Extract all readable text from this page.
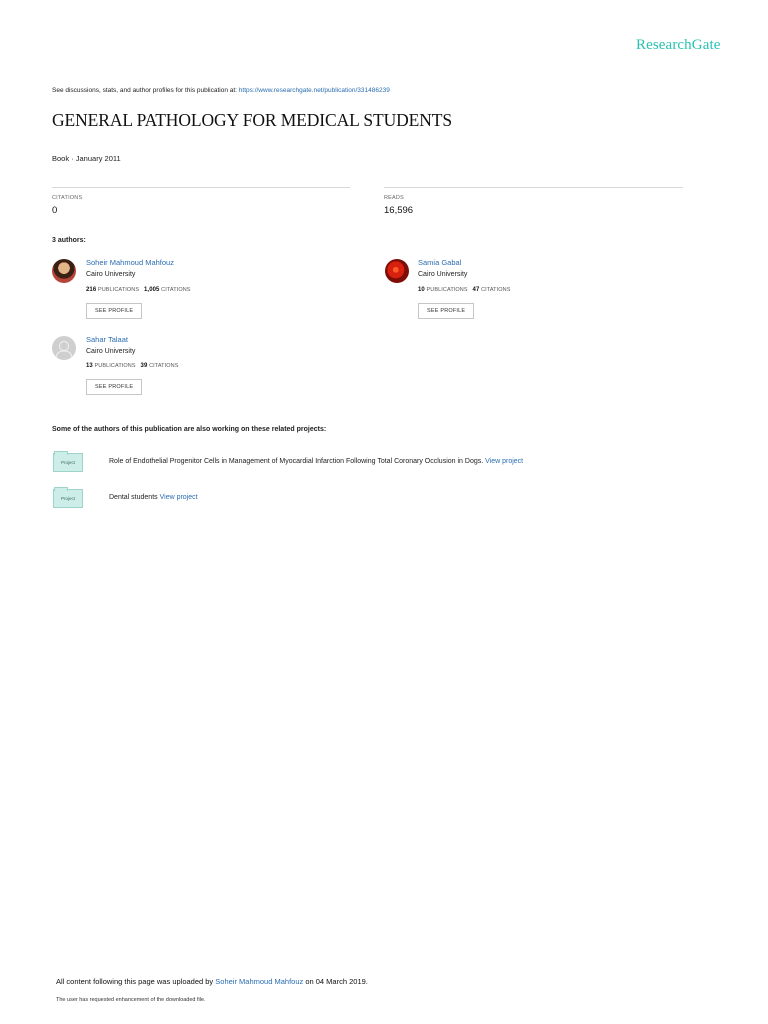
ResearchGate
See discussions, stats, and author profiles for this publication at: https://www.researchgate.net/publication/331486239
GENERAL PATHOLOGY FOR MEDICAL STUDENTS
Book · January 2011
CITATIONS
0
READS
16,596
3 authors:
Soheir Mahmoud Mahfouz
Cairo University
216 PUBLICATIONS 1,005 CITATIONS
SEE PROFILE
Samia Gabal
Cairo University
10 PUBLICATIONS 47 CITATIONS
SEE PROFILE
Sahar Talaat
Cairo University
13 PUBLICATIONS 39 CITATIONS
SEE PROFILE
Some of the authors of this publication are also working on these related projects:
Project	Role of Endothelial Progenitor Cells in Management of Myocardial Infarction Following Total Coronary Occlusion in Dogs. View project
Project	Dental students View project
All content following this page was uploaded by Soheir Mahmoud Mahfouz on 04 March 2019.
The user has requested enhancement of the downloaded file.
